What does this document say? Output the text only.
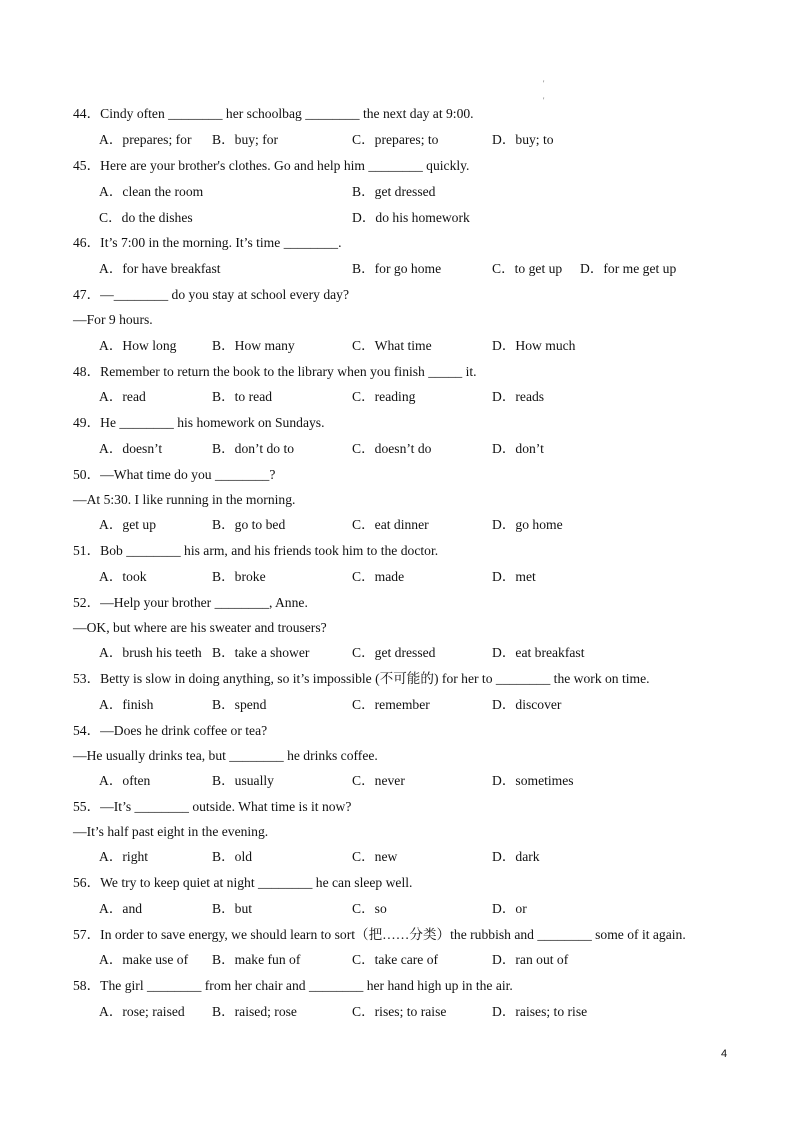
'
'
44．Cindy often ________ her schoolbag ________ the next day at 9:00.
A．prepares; for B．buy; for	C．prepares; to	D．buy; to
45．Here are your brother's clothes. Go and help him ________ quickly.
A．clean the room	B．get dressed
C．do the dishes	D．do his homework
46．It’s 7:00 in the morning. It’s time ________.
A．for have breakfast	B．for go home	C．to get up D．for me get up
47．—________ do you stay at school every day?
—For 9 hours.
A．How long	B．How many	C．What time	D．How much
48．Remember to return the book to the library when you finish _____ it.
A．read	B．to read	C．reading	D．reads
49．He ________ his homework on Sundays.
A．doesn’t	B．don’t do to	C．doesn’t do	D．don’t
50．—What time do you ________?
—At 5:30. I like running in the morning.
A．get up	B．go to bed	C．eat dinner	D．go home
51．Bob ________ his arm, and his friends took him to the doctor.
A．took	B．broke	C．made	D．met
52．—Help your brother ________, Anne.
—OK, but where are his sweater and trousers?
A．brush his teeth B．take a shower	C．get dressed	D．eat breakfast
53．Betty is slow in doing anything, so it’s impossible (不可能的) for her to ________ the work on time.
A．finish	B．spend	C．remember	D．discover
54．—Does he drink coffee or tea?
—He usually drinks tea, but ________ he drinks coffee.
A．often	B．usually	C．never	D．sometimes
55．—It’s ________ outside. What time is it now?
—It’s half past eight in the evening.
A．right	B．old	C．new	D．dark
56．We try to keep quiet at night ________ he can sleep well.
A．and	B．but	C．so	D．or
57．In order to save energy, we should learn to sort（把……分类）the rubbish and ________ some of it again.
A．make use of B．make fun of	C．take care of	D．ran out of
58．The girl ________ from her chair and ________ her hand high up in the air.
A．rose; raised B．raised; rose	C．rises; to raise	D．raises; to rise
4
